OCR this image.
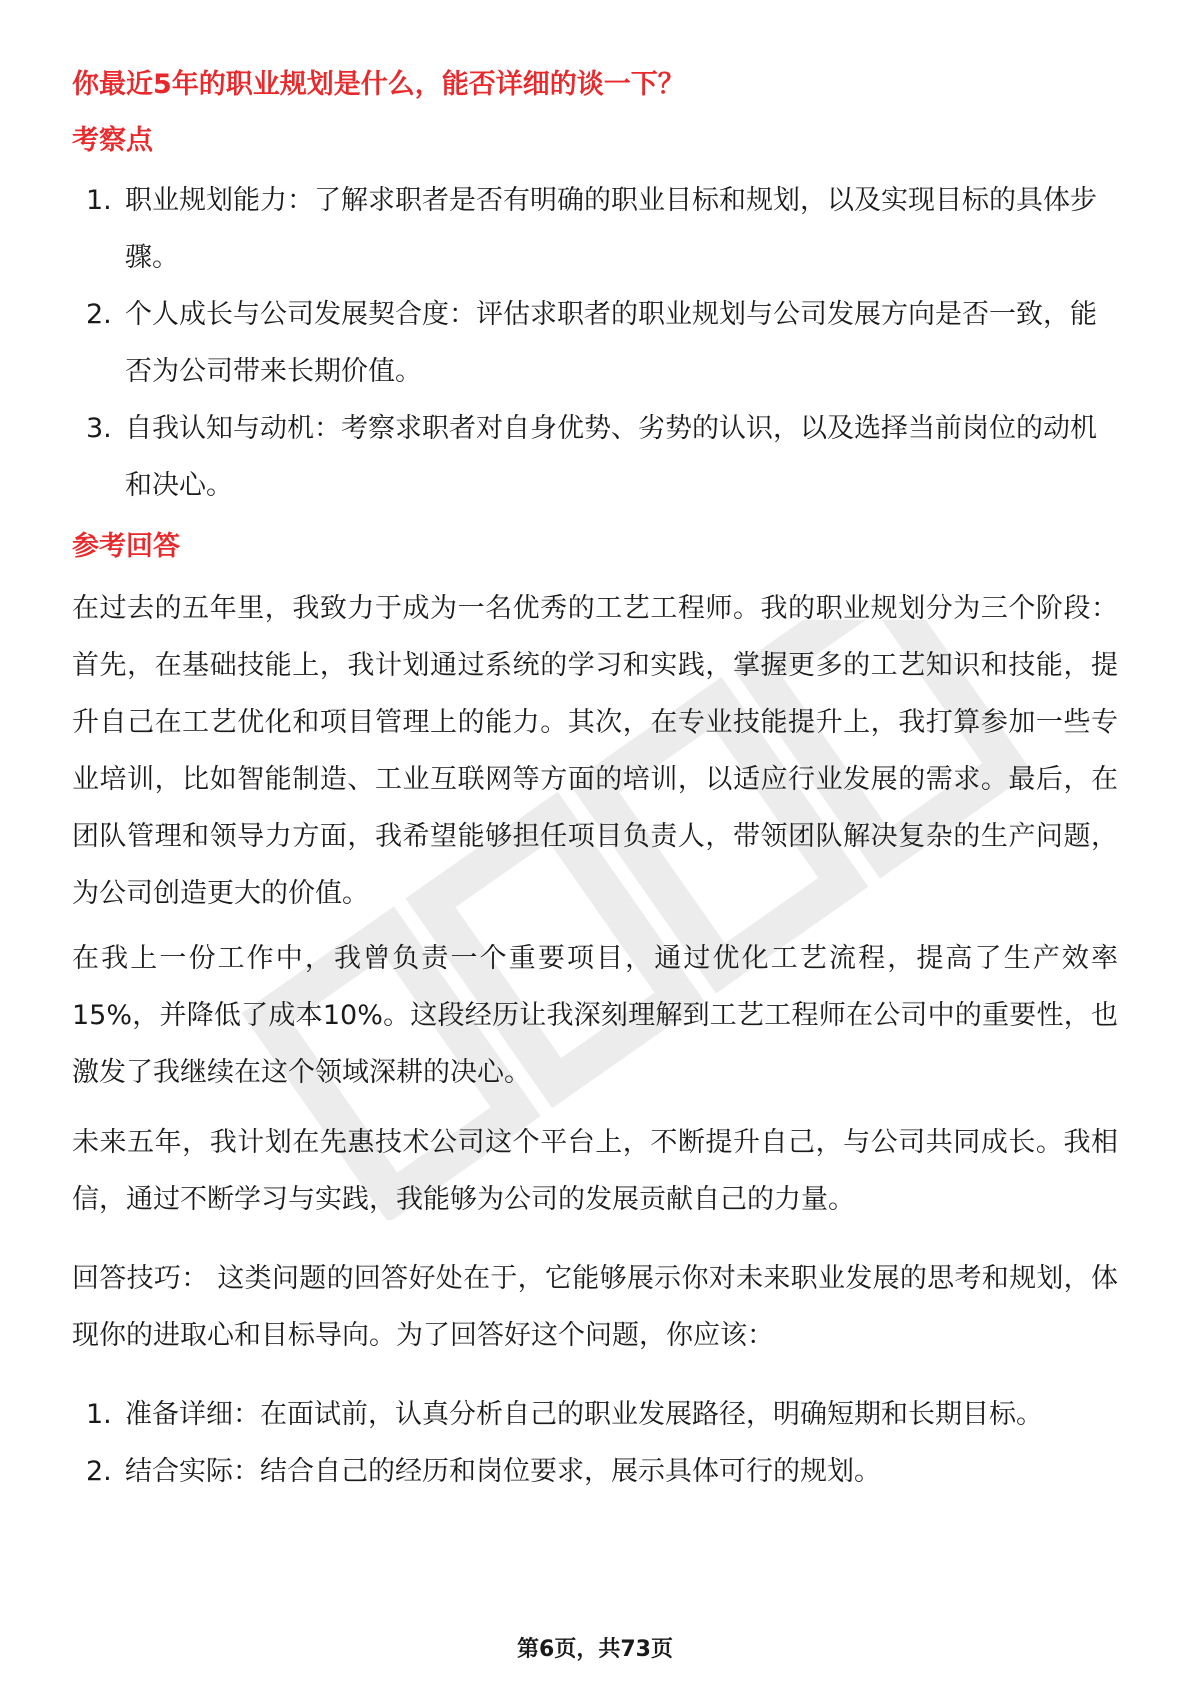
你最近5年的职业规划是什么，能否详细的谈一下？
考察点
1. 职业规划能力：了解求职者是否有明确的职业目标和规划，以及实现目标的具体步骤。
2. 个人成长与公司发展契合度：评估求职者的职业规划与公司发展方向是否一致，能否为公司带来长期价值。
3. 自我认知与动机：考察求职者对自身优势、劣势的认识，以及选择当前岗位的动机和决心。
参考回答

在过去的五年里，我致力于成为一名优秀的工艺工程师。我的职业规划分为三个阶段：首先，在基础技能上，我计划通过系统的学习和实践，掌握更多的工艺知识和技能，提升自己在工艺优化和项目管理上的能力。其次，在专业技能提升上，我打算参加一些专业培训，比如智能制造、工业互联网等方面的培训，以适应行业发展的需求。最后，在团队管理和领导力方面，我希望能够担任项目负责人，带领团队解决复杂的生产问题，为公司创造更大的价值。

在我上一份工作中，我曾负责一个重要项目，通过优化工艺流程，提高了生产效率15%，并降低了成本10%。这段经历让我深刻理解到工艺工程师在公司中的重要性，也激发了我继续在这个领域深耕的决心。

未来五年，我计划在先惠技术公司这个平台上，不断提升自己，与公司共同成长。我相信，通过不断学习与实践，我能够为公司的发展贡献自己的力量。

回答技巧： 这类问题的回答好处在于，它能够展示你对未来职业发展的思考和规划，体现你的进取心和目标导向。为了回答好这个问题，你应该：

1. 准备详细：在面试前，认真分析自己的职业发展路径，明确短期和长期目标。
2. 结合实际：结合自己的经历和岗位要求，展示具体可行的规划。
第6页，共73页
